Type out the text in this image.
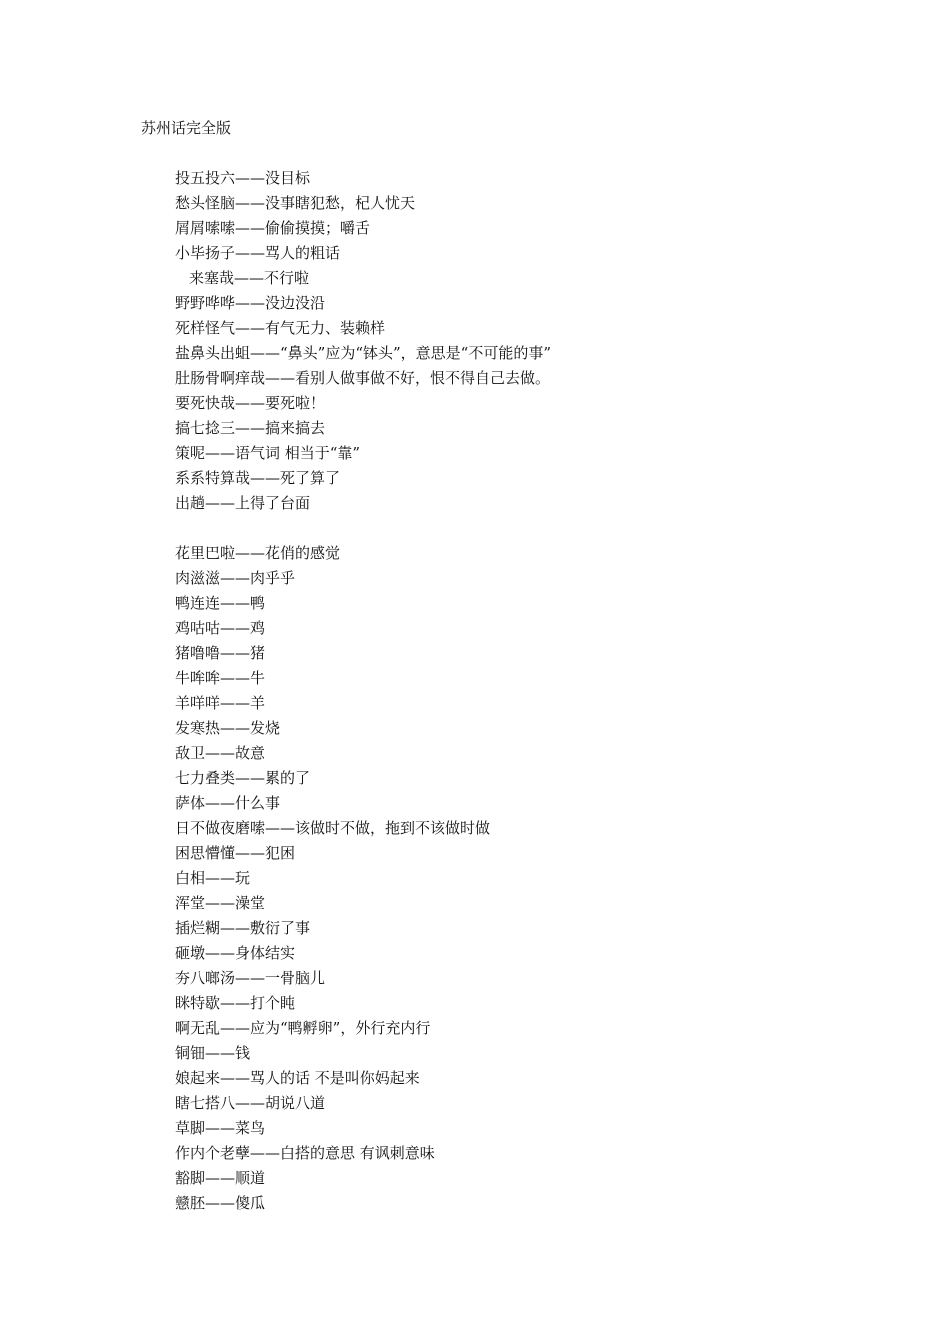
苏州话完全版
投五投六——没目标
愁头怪脑——没事瞎犯愁，杞人忧天
屑屑嗦嗦——偷偷摸摸；嚼舌
小毕扬子——骂人的粗话
来塞哉——不行啦
野野哗哗——没边没沿
死样怪气——有气无力、装赖样
盐鼻头出蛆——“鼻头”应为“钵头”，意思是“不可能的事”
肚肠骨啊痒哉——看别人做事做不好，恨不得自己去做。
要死快哉——要死啦！
搞七捻三——搞来搞去
策呢——语气词 相当于“靠”
系系特算哉——死了算了
出趟——上得了台面
花里巴啦——花俏的感觉
肉滋滋——肉乎乎
鸭连连——鸭
鸡咕咕——鸡
猪噜噜——猪
牛哞哞——牛
羊咩咩——羊
发寒热——发烧
敌卫——故意
七力叠类——累的了
萨体——什么事
日不做夜磨嗦——该做时不做，拖到不该做时做
困思懵懂——犯困
白相——玩
浑堂——澡堂
插烂糊——敷衍了事
砸墩——身体结实
夯八啷汤——一骨脑儿
眯特歇——打个盹
啊无乱——应为“鸭孵卵”，外行充内行
铜钿——钱
娘起来——骂人的话 不是叫你妈起来
瞎七搭八——胡说八道
草脚——菜鸟
作内个老孽——白搭的意思 有讽刺意味
豁脚——顺道
戆胚——傻瓜
